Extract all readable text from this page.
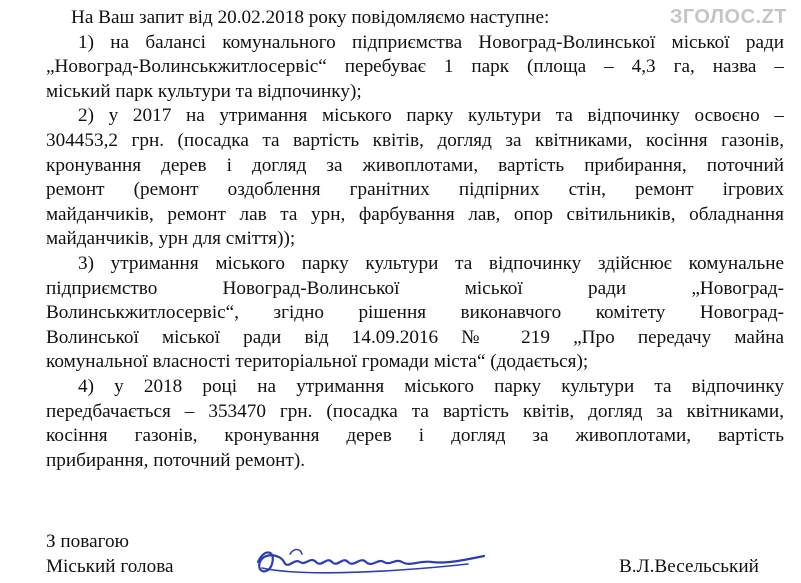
ЗГОЛОС.ZT
На Ваш запит від 20.02.2018 року повідомляємо наступне:
1) на балансі комунального підприємства Новоград-Волинської міської ради
„Новоград-Волинськжитлосервіс“ перебуває 1 парк (площа – 4,3 га, назва –
міський парк культури та відпочинку);
2) у 2017 на утримання міського парку культури та відпочинку освоєно –
304453,2 грн. (посадка та вартість квітів, догляд за квітниками, косіння газонів,
кронування дерев і догляд за живоплотами, вартість прибирання, поточний
ремонт (ремонт оздоблення гранітних підпірних стін, ремонт ігрових
майданчиків, ремонт лав та урн, фарбування лав, опор світильників, обладнання
майданчиків, урн для сміття));
3) утримання міського парку культури та відпочинку здійснює комунальне
підприємство Новоград-Волинської міської ради „Новоград-
Волинськжитлосервіс“, згідно рішення виконавчого комітету Новоград-
Волинської міської ради від 14.09.2016 № 219 „Про передачу майна
комунальної власності територіальної громади міста“ (додається);
4) у 2018 році на утримання міського парку культури та відпочинку
передбачається – 353470 грн. (посадка та вартість квітів, догляд за квітниками,
косіння газонів, кронування дерев і догляд за живоплотами, вартість
прибирання, поточний ремонт).
З повагою
Міський голова	В.Л.Весельський
